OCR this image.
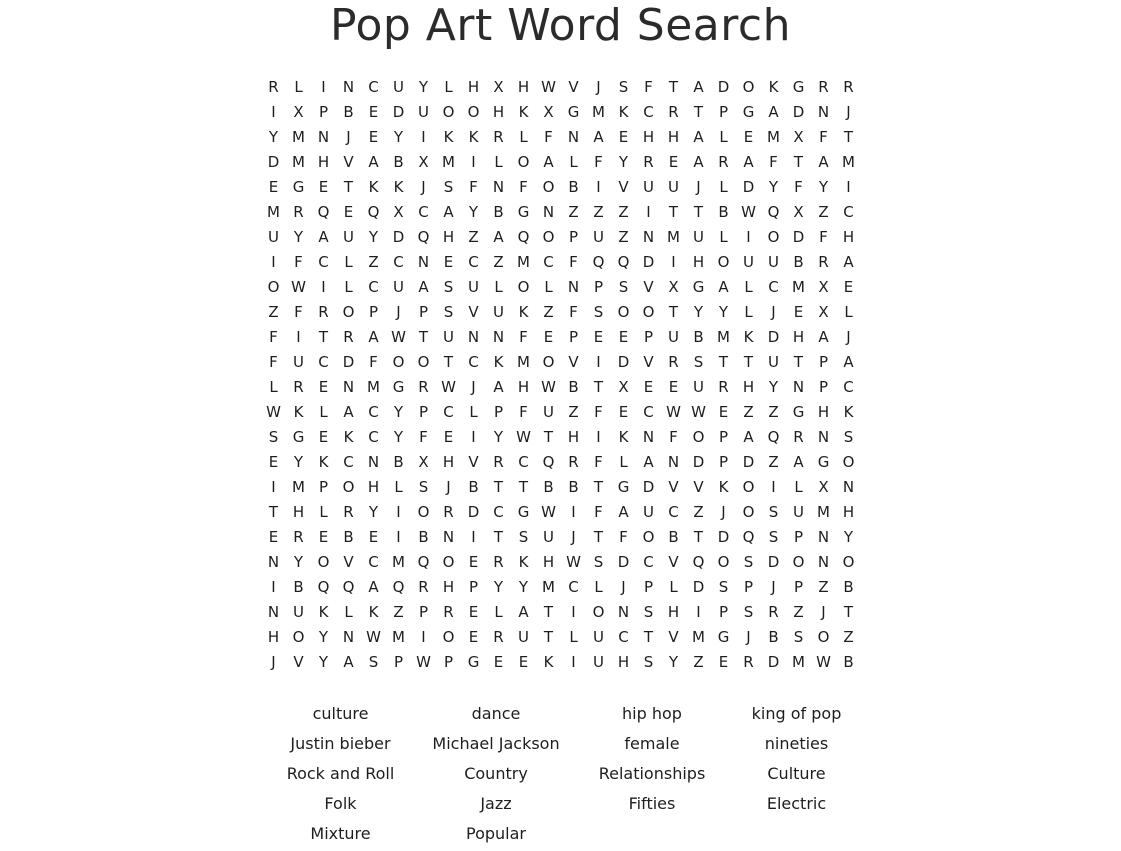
Pop Art Word Search
R	L	I	N C U Y	L	H X H W V	J	S	F	T	A D O K G R R
I	X	P	B	E D U O O H K X G M K C R	T	P G A D N	J
Y M N	J	E	Y	I	K	K R	L	F	N A	E H H A	L	E M X	F	T
D M H V A B X M	I	L O A	L	F	Y	R	E	A R A	F	T	A M
E G E	T	K	K	J	S	F	N	F O B	I	V U U	J	L	D Y	F	Y	I
M R Q E Q X C A	Y	B G N Z Z Z	I	T	T	B W Q X Z C
U Y	A U Y D Q H Z A Q O P U Z N M U	L	I	O D F	H
I	F	C	L	Z C N E	C Z M C	F Q Q D	I	H O U U B R A
O W	I	L	C U A	S U	L O L	N P	S	V X G A	L	C M X	E
Z	F	R O P	J	P	S	V U K Z	F	S O O T	Y	Y	L	J	E	X	L
F	I	T	R A W T U N N	F	E	P	E	E	P U B M K D H A	J
F	U C D F O O T	C K M O V	I	D V R	S	T	T U T	P	A
L	R	E N M G R W	J	A H W B	T	X	E	E U R H Y N P	C
W K	L	A C	Y	P	C	L	P	F	U Z	F	E	C W W E	Z Z G H K
S G E	K C	Y	F	E	I	Y W T H	I	K N	F O P	A Q R N S
E	Y	K C N B X H V R C Q R	F	L	A N D P D Z A G O
I	M P O H	L	S	J	B	T	T	B B	T G D V V K O	I	L	X N
T H	L	R	Y	I	O R D C G W	I	F	A U C Z	J	O S U M H
E	R	E	B	E	I	B N	I	T	S U	J	T	F O B	T D Q S	P N Y
N Y O V C M Q O E	R K H W S D C V Q O S D O N O
I	B Q Q A Q R H P	Y	Y M C	L	J	P	L	D S	P	J	P	Z B
N U K	L	K Z	P	R	E	L	A	T	I	O N S H	I	P	S	R Z	J	T
H O Y N W M	I	O E	R U T	L	U C	T	V M G	J	B	S O Z
J	V	Y	A	S	P W P G E	E	K	I	U H S	Y	Z	E	R D M W B
culture	dance	hip hop	king of pop
Justin bieber	Michael Jackson	female	nineties
Rock and Roll	Country	Relationships	Culture
Folk	Jazz	Fifties	Electric
Mixture	Popular
